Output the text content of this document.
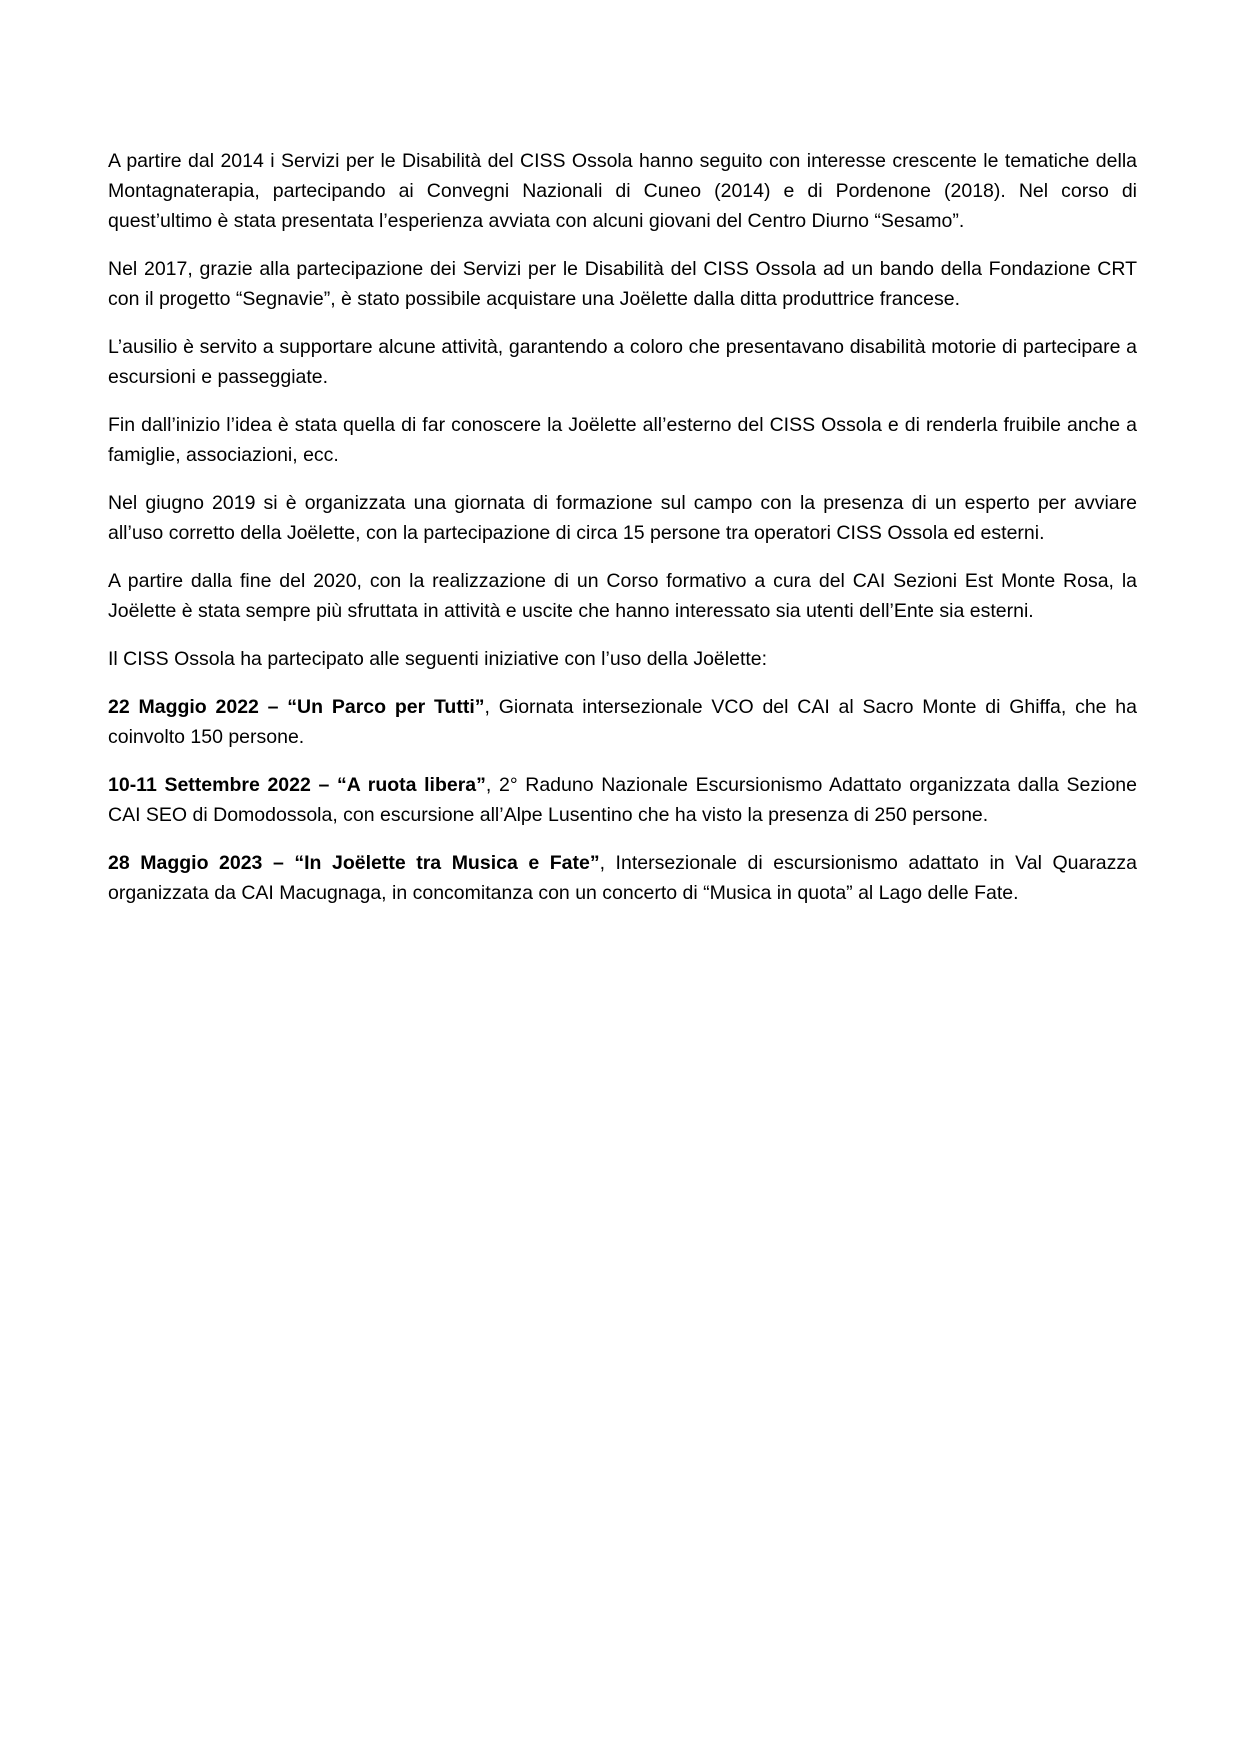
A partire dal 2014 i Servizi per le Disabilità del CISS Ossola hanno seguito con interesse crescente le tematiche della Montagnaterapia, partecipando ai Convegni Nazionali di Cuneo (2014) e di Pordenone (2018). Nel corso di quest’ultimo è stata presentata l’esperienza avviata con alcuni giovani del Centro Diurno “Sesamo”.

Nel 2017, grazie alla partecipazione dei Servizi per le Disabilità del CISS Ossola ad un bando della Fondazione CRT con il progetto “Segnavie”, è stato possibile acquistare una Joëlette dalla ditta produttrice francese.

L’ausilio è servito a supportare alcune attività, garantendo a coloro che presentavano disabilità motorie di partecipare a escursioni e passeggiate.

Fin dall’inizio l’idea è stata quella di far conoscere la Joëlette all’esterno del CISS Ossola e di renderla fruibile anche a famiglie, associazioni, ecc.

Nel giugno 2019 si è organizzata una giornata di formazione sul campo con la presenza di un esperto per avviare all’uso corretto della Joëlette, con la partecipazione di circa 15 persone tra operatori CISS Ossola ed esterni.

A partire dalla fine del 2020, con la realizzazione di un Corso formativo a cura del CAI Sezioni Est Monte Rosa, la Joëlette è stata sempre più sfruttata in attività e uscite che hanno interessato sia utenti dell’Ente sia esterni.

Il CISS Ossola ha partecipato alle seguenti iniziative con l’uso della Joëlette:

22 Maggio 2022 – “Un Parco per Tutti”, Giornata intersezionale VCO del CAI al Sacro Monte di Ghiffa, che ha coinvolto 150 persone.

10-11 Settembre 2022 – “A ruota libera”, 2° Raduno Nazionale Escursionismo Adattato organizzata dalla Sezione CAI SEO di Domodossola, con escursione all’Alpe Lusentino che ha visto la presenza di 250 persone.

28 Maggio 2023 – “In Joëlette tra Musica e Fate”, Intersezionale di escursionismo adattato in Val Quarazza organizzata da CAI Macugnaga, in concomitanza con un concerto di “Musica in quota” al Lago delle Fate.
